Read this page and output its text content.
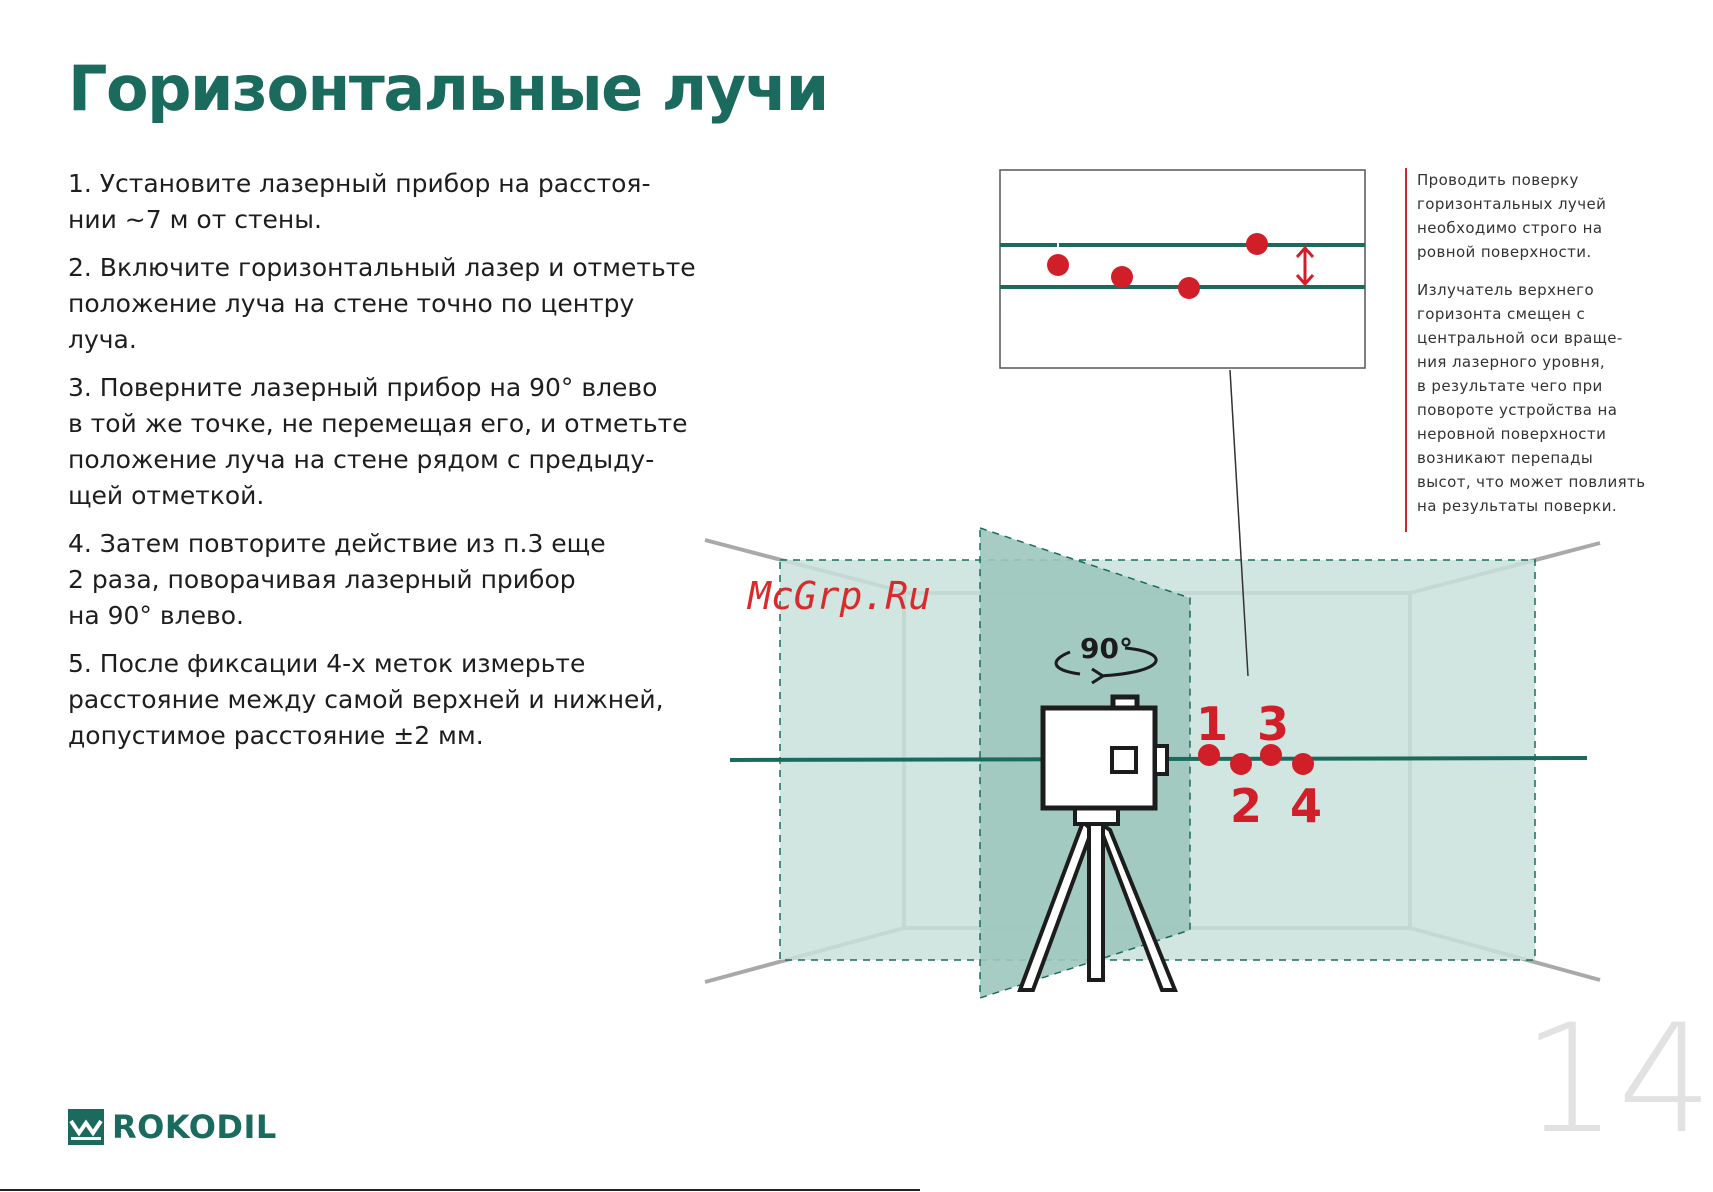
Горизонтальные лучи

1. Установите лазерный прибор на расстоя-
нии ~7 м от стены.

2. Включите горизонтальный лазер и отметьте
положение луча на стене точно по центру
луча.

3. Поверните лазерный прибор на 90° влево
в той же точке, не перемещая его, и отметьте
положение луча на стене рядом с предыду-
щей отметкой.

4. Затем повторите действие из п.3 еще
2 раза, поворачивая лазерный прибор
на 90° влево.

5. После фиксации 4-х меток измерьте
расстояние между самой верхней и нижней,
допустимое расстояние ±2 мм.

Проводить поверку
горизонтальных лучей
необходимо строго на
ровной поверхности.

Излучатель верхнего
горизонта смещен с
центральной оси враще-
ния лазерного уровня,
в результате чего при
повороте устройства на
неровной поверхности
возникают перепады
высот, что может повлиять
на результаты поверки.

90°
1
2
3
4
McGrp.Ru
14
ROKODIL
